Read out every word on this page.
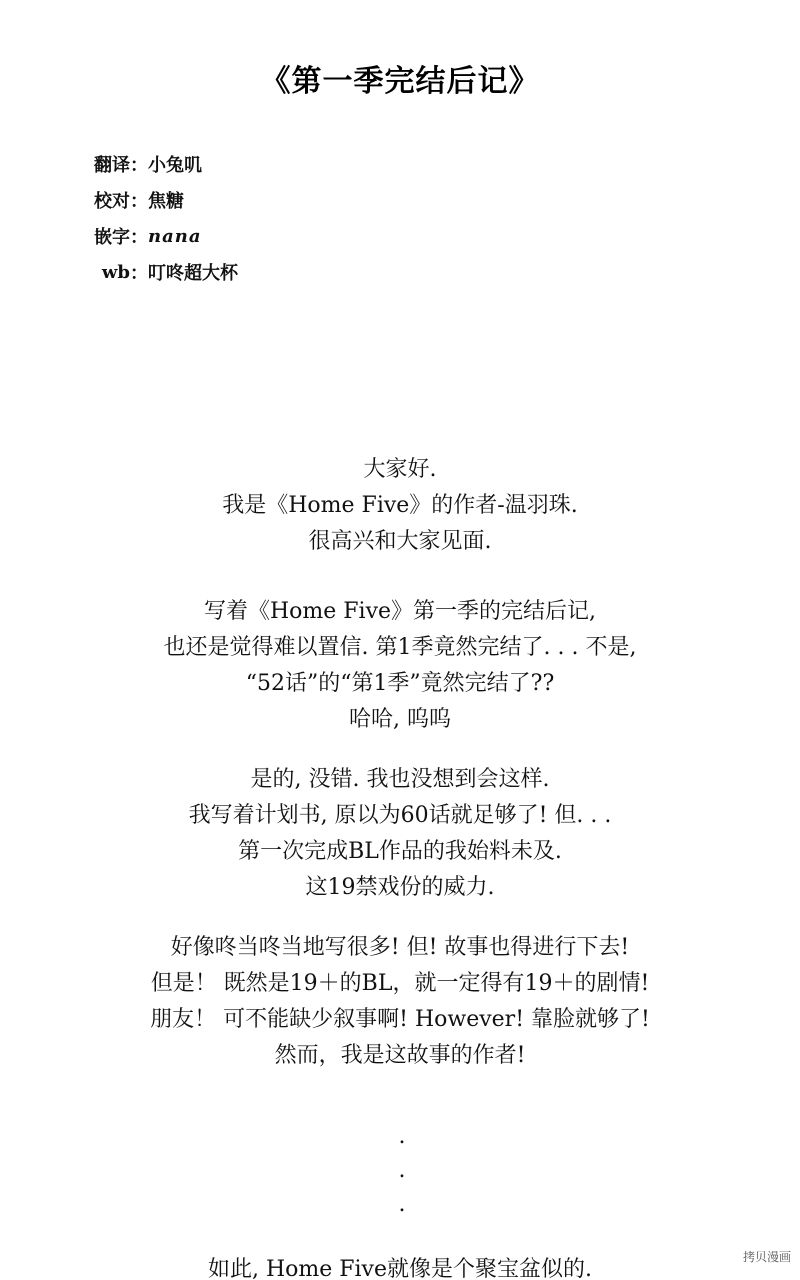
《第一季完结后记》
翻译 ： 小兔叽
校对 ： 焦糖
嵌字 ： nana
wb ： 叮咚超大杯
大家好.
我是《Home Five》的作者-温羽珠.
很高兴和大家见面.
写着《Home Five》第一季的完结后记,
也还是觉得难以置信. 第1季竟然完结了. . . 不是,
“52话”的“第1季”竟然完结了??
哈哈, 呜呜
是的, 没错. 我也没想到会这样.
我写着计划书, 原以为60话就足够了! 但. . .
第一次完成BL作品的我始料未及.
这19禁戏份的威力.
好像咚当咚当地写很多! 但! 故事也得进行下去!
但是！ 既然是19＋的BL，就一定得有19＋的剧情!
朋友！ 可不能缺少叙事啊! However! 靠脸就够了!
然而，我是这故事的作者!
.
.
.
如此, Home Five就像是个聚宝盆似的.	拷贝漫画
